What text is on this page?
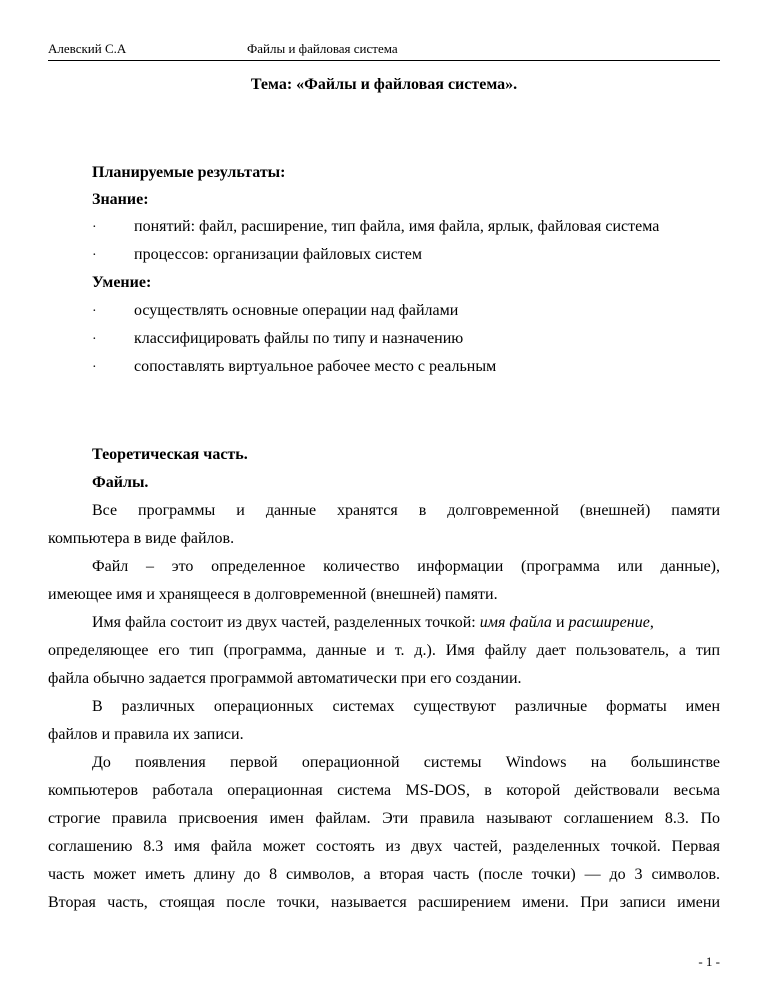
Алевский С.А	Файлы и файловая система
Тема: «Файлы и файловая система».
Планируемые результаты:
Знание:
· понятий: файл, расширение, тип файла, имя файла, ярлык, файловая система
· процессов: организации файловых систем
Умение:
· осуществлять основные операции над файлами
· классифицировать файлы по типу и назначению
· сопоставлять виртуальное рабочее место с реальным
Теоретическая часть.
Файлы.
Все программы и данные хранятся в долговременной (внешней) памяти
компьютера в виде файлов.
Файл – это определенное количество информации (программа или данные),
имеющее имя и хранящееся в долговременной (внешней) памяти.
Имя файла состоит из двух частей, разделенных точкой: имя файла и расширение,
определяющее его тип (программа, данные и т. д.). Имя файлу дает пользователь, а тип
файла обычно задается программой автоматически при его создании.
В различных операционных системах существуют различные форматы имен
файлов и правила их записи.
До появления первой операционной системы Windows на большинстве
компьютеров работала операционная система MS-DOS, в которой действовали весьма
строгие правила присвоения имен файлам. Эти правила называют соглашением 8.3. По
соглашению 8.3 имя файла может состоять из двух частей, разделенных точкой. Первая
часть может иметь длину до 8 символов, а вторая часть (после точки) — до 3 символов.
Вторая часть, стоящая после точки, называется расширением имени. При записи имени
- 1 -
